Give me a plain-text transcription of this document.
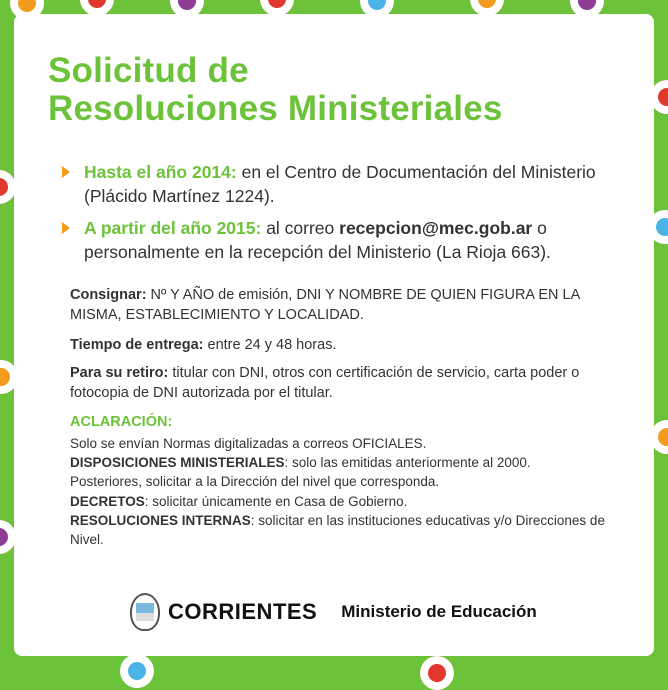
Solicitud de
Resoluciones Ministeriales
Hasta el año 2014: en el Centro de Documentación del Ministerio (Plácido Martínez 1224).
A partir del año 2015: al correo recepcion@mec.gob.ar o personalmente en la recepción del Ministerio (La Rioja 663).

Consignar: Nº Y AÑO de emisión, DNI Y NOMBRE DE QUIEN FIGURA EN LA MISMA, ESTABLECIMIENTO Y LOCALIDAD.

Tiempo de entrega: entre 24 y 48 horas.

Para su retiro: titular con DNI, otros con certificación de servicio, carta poder o fotocopia de DNI autorizada por el titular.

ACLARACIÓN:

Solo se envían Normas digitalizadas a correos OFICIALES.
DISPOSICIONES MINISTERIALES: solo las emitidas anteriormente al 2000.
Posteriores, solicitar a la Dirección del nivel que corresponda.
DECRETOS: solicitar únicamente en Casa de Gobierno.
RESOLUCIONES INTERNAS: solicitar en las instituciones educativas y/o Direcciones de Nivel.
CORRIENTES Ministerio de Educación
